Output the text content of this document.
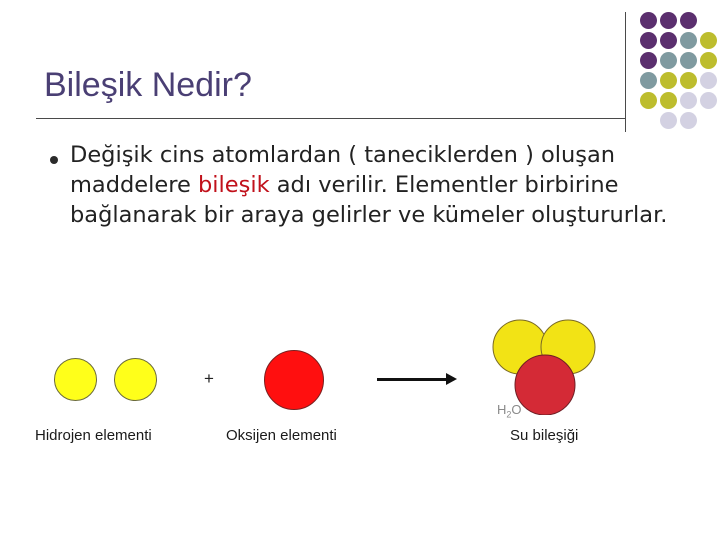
Bileşik Nedir?
Değişik cins atomlardan ( taneciklerden ) oluşan maddelere bileşik adı verilir. Elementler birbirine bağlanarak bir araya gelirler ve kümeler oluştururlar.
+
$H_2O$
Hidrojen elementi	Oksijen elementi	Su bileşiği
